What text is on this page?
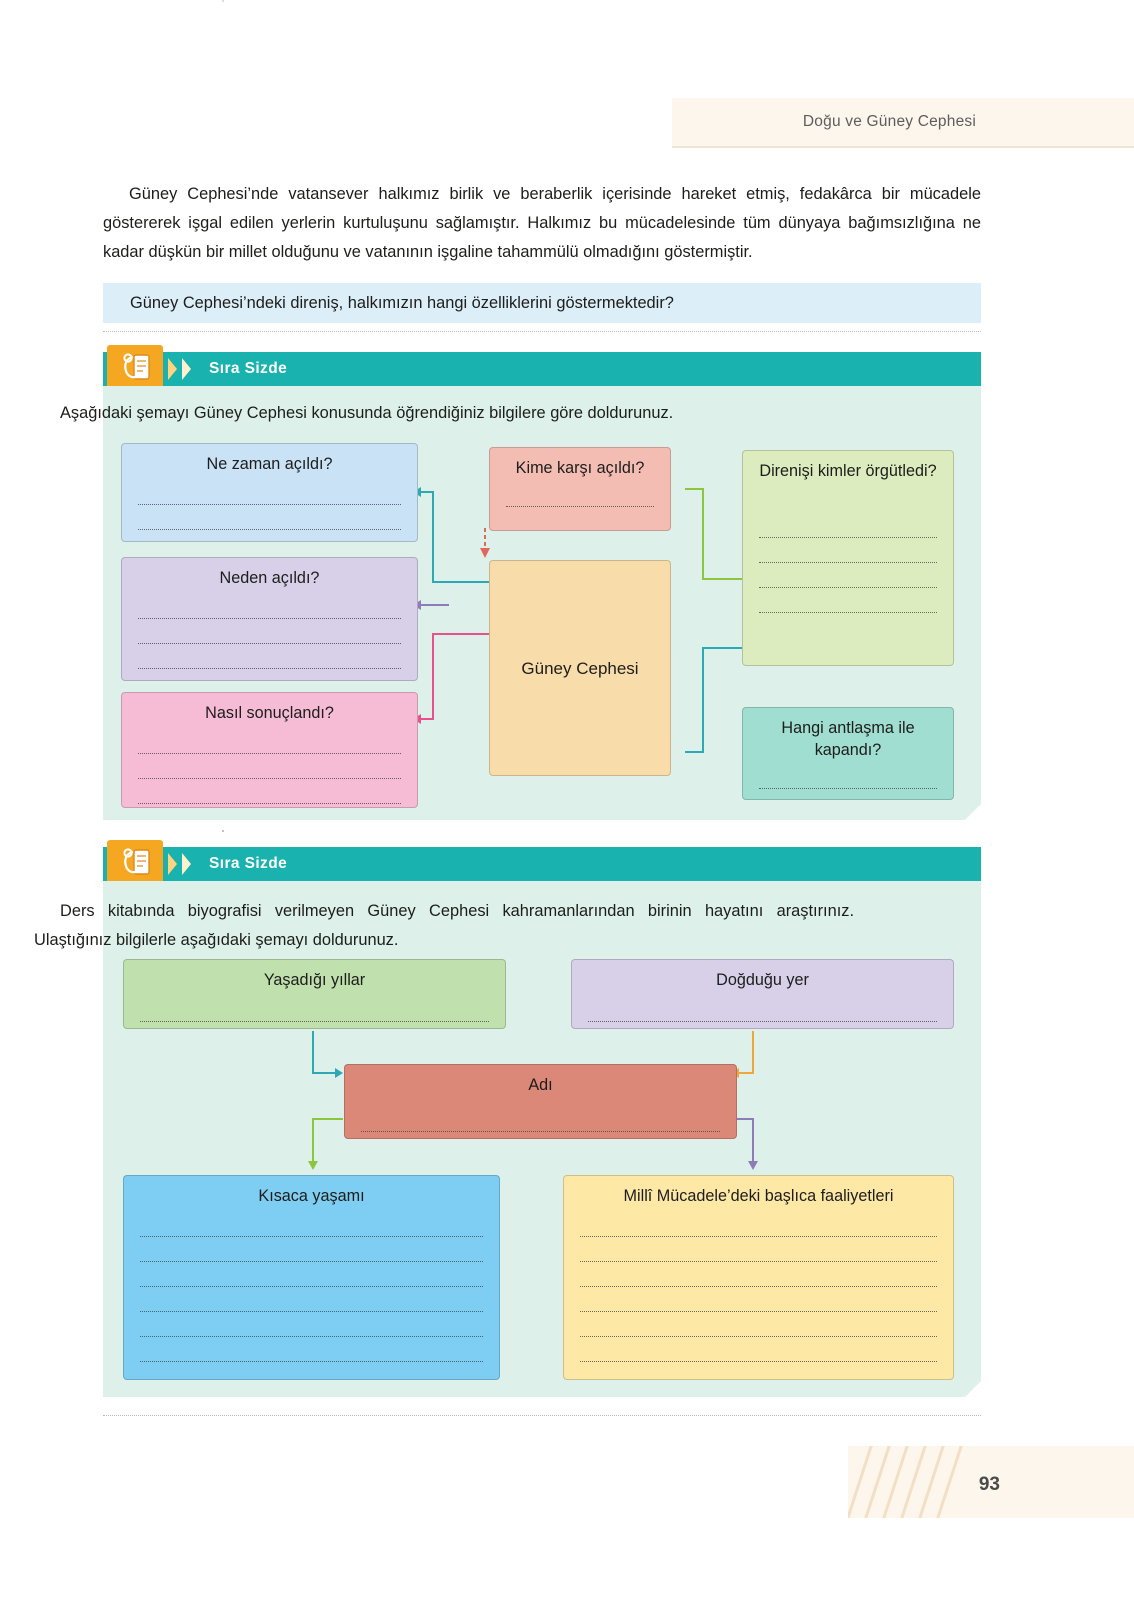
Doğu ve Güney Cephesi
Güney Cephesi’nde vatansever halkımız birlik ve beraberlik içerisinde hareket etmiş, fedakârca bir mücadele göstererek işgal edilen yerlerin kurtuluşunu sağlamıştır. Halkımız bu mücadelesinde tüm dünyaya bağımsızlığına ne kadar düşkün bir millet olduğunu ve vatanının işgaline tahammülü olmadığını göstermiştir.
Güney Cephesi’ndeki direniş, halkımızın hangi özelliklerini göstermektedir?
Sıra Sizde
Aşağıdaki şemayı Güney Cephesi konusunda öğrendiğiniz bilgilere göre doldurunuz.
Ne zaman açıldı?	Kime karşı açıldı?	Direnişi kimler örgütledi?
Neden açıldı?
Güney Cephesi
Nasıl sonuçlandı?
Hangi antlaşma ile kapandı?
Sıra Sizde
Ders kitabında biyografisi verilmeyen Güney Cephesi kahramanlarından birinin hayatını araştırınız. Ulaştığınız bilgilerle aşağıdaki şemayı doldurunuz.
Yaşadığı yıllar	Doğduğu yer
Adı
Kısaca yaşamı	Millî Mücadele’deki başlıca faaliyetleri
93
